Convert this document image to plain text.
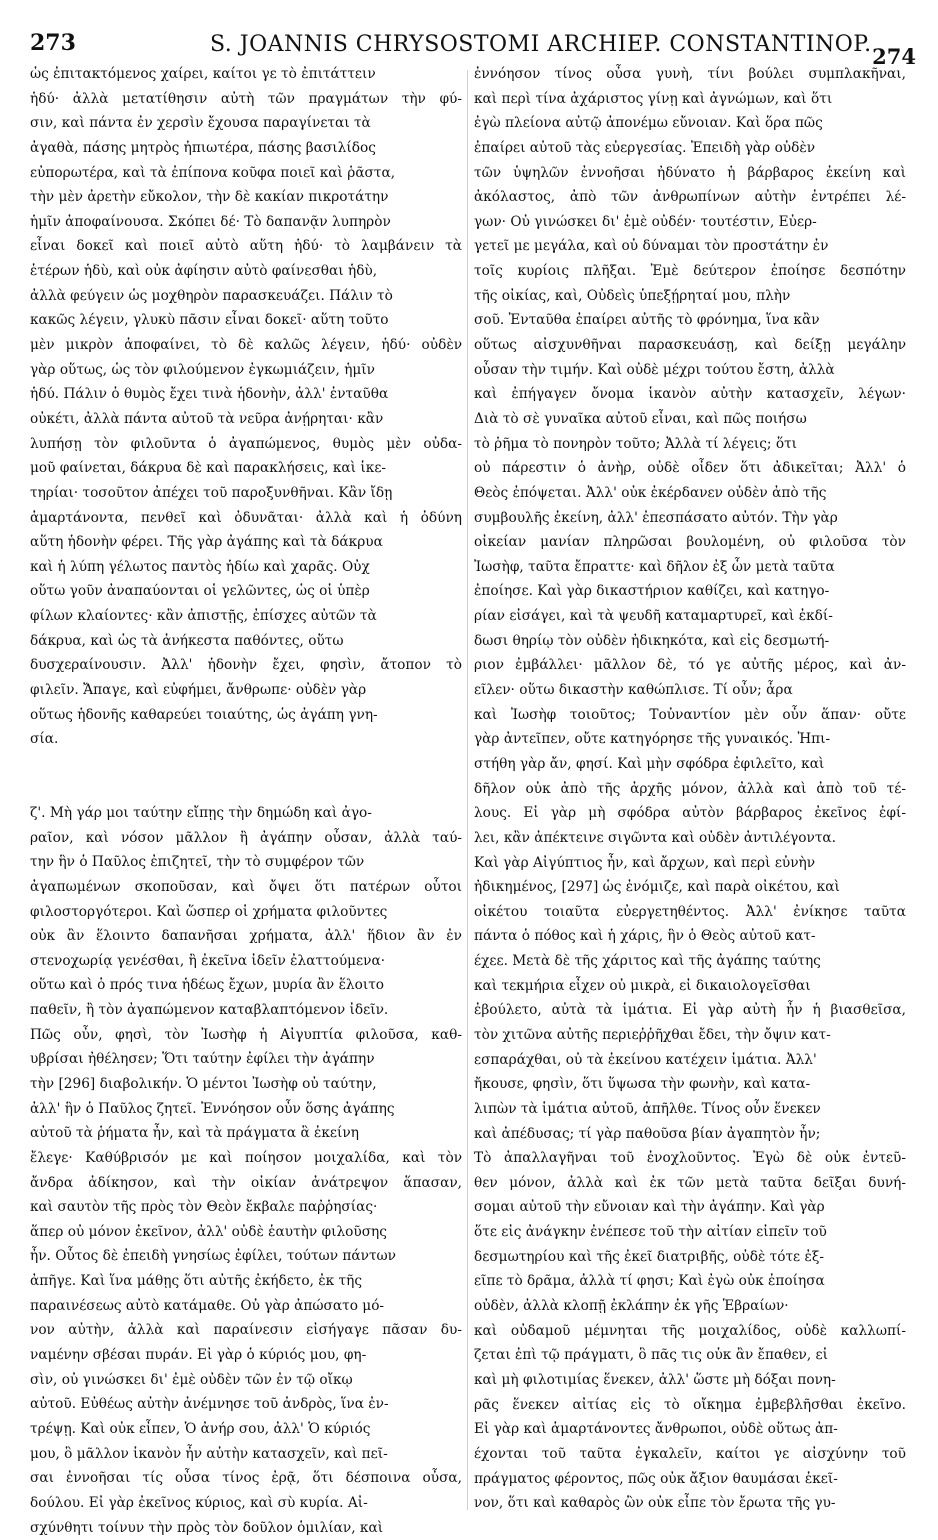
273	S. JOANNIS CHRYSOSTOMI ARCHIEP. CONSTANTINOP. 274
ὡς ἐπιτακτόμενος χαίρει, καίτοι γε τὸ ἐπιτάττειν
ἡδύ· ἀλλὰ μετατίθησιν αὐτὴ τῶν πραγμάτων τὴν φύ-
σιν, καὶ πάντα ἐν χερσὶν ἔχουσα παραγίνεται τὰ
ἀγαθὰ, πάσης μητρὸς ἠπιωτέρα, πάσης βασιλίδος
εὐπορωτέρα, καὶ τὰ ἐπίπονα κοῦφα ποιεῖ καὶ ῥᾶστα,
τὴν μὲν ἀρετὴν εὔκολον, τὴν δὲ κακίαν πικροτάτην
ἡμῖν ἀποφαίνουσα. Σκόπει δέ· Τὸ δαπανᾷν λυπηρὸν
εἶναι δοκεῖ καὶ ποιεῖ αὐτὸ αὕτη ἡδύ· τὸ λαμβάνειν τὰ
ἑτέρων ἡδὺ, καὶ οὐκ ἀφίησιν αὐτὸ φαίνεσθαι ἡδὺ,
ἀλλὰ φεύγειν ὡς μοχθηρὸν παρασκευάζει. Πάλιν τὸ
κακῶς λέγειν, γλυκὺ πᾶσιν εἶναι δοκεῖ· αὕτη τοῦτο
μὲν μικρὸν ἀποφαίνει, τὸ δὲ καλῶς λέγειν, ἡδύ· οὐδὲν
γὰρ οὕτως, ὡς τὸν φιλούμενον ἐγκωμιάζειν, ἡμῖν
ἡδύ. Πάλιν ὁ θυμὸς ἔχει τινὰ ἡδονὴν, ἀλλ' ἐνταῦθα
οὐκέτι, ἀλλὰ πάντα αὐτοῦ τὰ νεῦρα ἀνῄρηται· κἂν
λυπήσῃ τὸν φιλοῦντα ὁ ἀγαπώμενος, θυμὸς μὲν οὐδα-
μοῦ φαίνεται, δάκρυα δὲ καὶ παρακλήσεις, καὶ ἱκε-
τηρίαι· τοσοῦτον ἀπέχει τοῦ παροξυνθῆναι. Κἂν ἴδῃ
ἁμαρτάνοντα, πενθεῖ καὶ ὀδυνᾶται· ἀλλὰ καὶ ἡ ὀδύνη
αὕτη ἡδονὴν φέρει. Τῆς γὰρ ἀγάπης καὶ τὰ δάκρυα
καὶ ἡ λύπη γέλωτος παντὸς ἡδίω καὶ χαρᾶς. Οὐχ
οὕτω γοῦν ἀναπαύονται οἱ γελῶντες, ὡς οἱ ὑπὲρ
φίλων κλαίοντες· κἂν ἀπιστῇς, ἐπίσχες αὐτῶν τὰ
δάκρυα, καὶ ὡς τὰ ἀνήκεστα παθόντες, οὕτω
δυσχεραίνουσιν. Ἀλλ' ἡδονὴν ἔχει, φησὶν, ἄτοπον τὸ
φιλεῖν. Ἄπαγε, καὶ εὐφήμει, ἄνθρωπε· οὐδὲν γὰρ
οὕτως ἡδονῆς καθαρεύει τοιαύτης, ὡς ἀγάπη γνη-
σία.
ζ'. Μὴ γάρ μοι ταύτην εἴπῃς τὴν δημώδη καὶ ἀγο-
ραῖον, καὶ νόσον μᾶλλον ἢ ἀγάπην οὖσαν, ἀλλὰ ταύ-
την ἣν ὁ Παῦλος ἐπιζητεῖ, τὴν τὸ συμφέρον τῶν
ἀγαπωμένων σκοποῦσαν, καὶ ὄψει ὅτι πατέρων οὗτοι
φιλοστοργότεροι. Καὶ ὥσπερ οἱ χρήματα φιλοῦντες
οὐκ ἂν ἕλοιντο δαπανῆσαι χρήματα, ἀλλ' ἥδιον ἂν ἐν
στενοχωρίᾳ γενέσθαι, ἢ ἐκεῖνα ἰδεῖν ἐλαττούμενα·
οὕτω καὶ ὁ πρός τινα ἡδέως ἔχων, μυρία ἂν ἕλοιτο
παθεῖν, ἢ τὸν ἀγαπώμενον καταβλαπτόμενον ἰδεῖν.
Πῶς οὖν, φησὶ, τὸν Ἰωσὴφ ἡ Αἰγυπτία φιλοῦσα, καθ-
υβρίσαι ἠθέλησεν; Ὅτι ταύτην ἐφίλει τὴν ἀγάπην
τὴν [296] διαβολικήν. Ὁ μέντοι Ἰωσὴφ οὐ ταύτην,
ἀλλ' ἣν ὁ Παῦλος ζητεῖ. Ἐννόησον οὖν ὅσης ἀγάπης
αὐτοῦ τὰ ῥήματα ἦν, καὶ τὰ πράγματα ἃ ἐκείνη
ἔλεγε· Καθύβρισόν με καὶ ποίησον μοιχαλίδα, καὶ τὸν
ἄνδρα ἀδίκησον, καὶ τὴν οἰκίαν ἀνάτρεψον ἅπασαν,
καὶ σαυτὸν τῆς πρὸς τὸν Θεὸν ἔκβαλε παῤῥησίας·
ἅπερ οὐ μόνον ἐκεῖνον, ἀλλ' οὐδὲ ἑαυτὴν φιλοῦσης
ἦν. Οὗτος δὲ ἐπειδὴ γνησίως ἐφίλει, τούτων πάντων
ἀπῆγε. Καὶ ἵνα μάθῃς ὅτι αὐτῆς ἐκήδετο, ἐκ τῆς
παραινέσεως αὐτὸ κατάμαθε. Οὐ γὰρ ἀπώσατο μό-
νον αὐτὴν, ἀλλὰ καὶ παραίνεσιν εἰσήγαγε πᾶσαν δυ-
ναμένην σβέσαι πυράν. Εἰ γὰρ ὁ κύριός μου, φη-
σὶν, οὐ γινώσκει δι' ἐμὲ οὐδὲν τῶν ἐν τῷ οἴκῳ
αὐτοῦ. Εὐθέως αὐτὴν ἀνέμνησε τοῦ ἀνδρὸς, ἵνα ἐν-
τρέψῃ. Καὶ οὐκ εἶπεν, Ὁ ἀνήρ σου, ἀλλ' Ὁ κύριός
μου, ὃ μᾶλλον ἱκανὸν ἦν αὐτὴν κατασχεῖν, καὶ πεῖ-
σαι ἐννοῆσαι τίς οὖσα τίνος ἐρᾷ, ὅτι δέσποινα οὖσα,
δούλου. Εἰ γὰρ ἐκεῖνος κύριος, καὶ σὺ κυρία. Αἰ-
σχύνθητι τοίνυν τὴν πρὸς τὸν δοῦλον ὁμιλίαν, καὶ
ἐννόησον τίνος οὖσα γυνὴ, τίνι βούλει συμπλακῆναι,
καὶ περὶ τίνα ἀχάριστος γίνῃ καὶ ἀγνώμων, καὶ ὅτι
ἐγὼ πλείονα αὐτῷ ἀπονέμω εὔνοιαν. Καὶ ὅρα πῶς
ἐπαίρει αὐτοῦ τὰς εὐεργεσίας. Ἐπειδὴ γὰρ οὐδὲν
τῶν ὑψηλῶν ἐννοῆσαι ἠδύνατο ἡ βάρβαρος ἐκείνη καὶ
ἀκόλαστος, ἀπὸ τῶν ἀνθρωπίνων αὐτὴν ἐντρέπει λέ-
γων· Οὐ γινώσκει δι' ἐμὲ οὐδέν· τουτέστιν, Εὐερ-
γετεῖ με μεγάλα, καὶ οὐ δύναμαι τὸν προστάτην ἐν
τοῖς κυρίοις πλῆξαι. Ἐμὲ δεύτερον ἐποίησε δεσπότην
τῆς οἰκίας, καὶ, Οὐδεὶς ὑπεξῄρηταί μου, πλὴν
σοῦ. Ἐνταῦθα ἐπαίρει αὐτῆς τὸ φρόνημα, ἵνα κἂν
οὕτως αἰσχυνθῆναι παρασκευάσῃ, καὶ δείξῃ μεγάλην
οὖσαν τὴν τιμήν. Καὶ οὐδὲ μέχρι τούτου ἔστη, ἀλλὰ
καὶ ἐπήγαγεν ὄνομα ἱκανὸν αὐτὴν κατασχεῖν, λέγων·
Διὰ τὸ σὲ γυναῖκα αὐτοῦ εἶναι, καὶ πῶς ποιήσω
τὸ ῥῆμα τὸ πονηρὸν τοῦτο; Ἀλλὰ τί λέγεις; ὅτι
οὐ πάρεστιν ὁ ἀνὴρ, οὐδὲ οἶδεν ὅτι ἀδικεῖται; Ἀλλ' ὁ
Θεὸς ἐπόψεται. Ἀλλ' οὐκ ἐκέρδανεν οὐδὲν ἀπὸ τῆς
συμβουλῆς ἐκείνη, ἀλλ' ἐπεσπάσατο αὐτόν. Τὴν γὰρ
οἰκείαν μανίαν πληρῶσαι βουλομένη, οὐ φιλοῦσα τὸν
Ἰωσὴφ, ταῦτα ἔπραττε· καὶ δῆλον ἐξ ὧν μετὰ ταῦτα
ἐποίησε. Καὶ γὰρ δικαστήριον καθίζει, καὶ κατηγο-
ρίαν εἰσάγει, καὶ τὰ ψευδῆ καταμαρτυρεῖ, καὶ ἐκδί-
δωσι θηρίῳ τὸν οὐδὲν ἠδικηκότα, καὶ εἰς δεσμωτή-
ριον ἐμβάλλει· μᾶλλον δὲ, τό γε αὐτῆς μέρος, καὶ ἀν-
εῖλεν· οὕτω δικαστὴν καθώπλισε. Τί οὖν; ἆρα
καὶ Ἰωσὴφ τοιοῦτος; Τοὐναντίον μὲν οὖν ἅπαν· οὔτε
γὰρ ἀντεῖπεν, οὔτε κατηγόρησε τῆς γυναικός. Ἠπι-
στήθη γὰρ ἄν, φησί. Καὶ μὴν σφόδρα ἐφιλεῖτο, καὶ
δῆλον οὐκ ἀπὸ τῆς ἀρχῆς μόνον, ἀλλὰ καὶ ἀπὸ τοῦ τέ-
λους. Εἰ γὰρ μὴ σφόδρα αὐτὸν βάρβαρος ἐκεῖνος ἐφί-
λει, κἂν ἀπέκτεινε σιγῶντα καὶ οὐδὲν ἀντιλέγοντα.
Καὶ γὰρ Αἰγύπτιος ἦν, καὶ ἄρχων, καὶ περὶ εὐνὴν
ἠδικημένος, [297] ὡς ἐνόμιζε, καὶ παρὰ οἰκέτου, καὶ
οἰκέτου τοιαῦτα εὐεργετηθέντος. Ἀλλ' ἐνίκησε ταῦτα
πάντα ὁ πόθος καὶ ἡ χάρις, ἣν ὁ Θεὸς αὐτοῦ κατ-
έχεε. Μετὰ δὲ τῆς χάριτος καὶ τῆς ἀγάπης ταύτης
καὶ τεκμήρια εἶχεν οὐ μικρὰ, εἰ δικαιολογεῖσθαι
ἐβούλετο, αὐτὰ τὰ ἱμάτια. Εἰ γὰρ αὐτὴ ἦν ἡ βιασθεῖσα,
τὸν χιτῶνα αὐτῆς περιεῤῥῆχθαι ἔδει, τὴν ὄψιν κατ-
εσπαράχθαι, οὐ τὰ ἐκείνου κατέχειν ἱμάτια. Ἀλλ'
ἤκουσε, φησὶν, ὅτι ὕψωσα τὴν φωνὴν, καὶ κατα-
λιπὼν τὰ ἱμάτια αὐτοῦ, ἀπῆλθε. Τίνος οὖν ἕνεκεν
καὶ ἀπέδυσας; τί γὰρ παθοῦσα βίαν ἀγαπητὸν ἦν;
Τὸ ἀπαλλαγῆναι τοῦ ἐνοχλοῦντος. Ἐγὼ δὲ οὐκ ἐντεῦ-
θεν μόνον, ἀλλὰ καὶ ἐκ τῶν μετὰ ταῦτα δεῖξαι δυνή-
σομαι αὐτοῦ τὴν εὔνοιαν καὶ τὴν ἀγάπην. Καὶ γὰρ
ὅτε εἰς ἀνάγκην ἐνέπεσε τοῦ τὴν αἰτίαν εἰπεῖν τοῦ
δεσμωτηρίου καὶ τῆς ἐκεῖ διατριβῆς, οὐδὲ τότε ἐξ-
εῖπε τὸ δρᾶμα, ἀλλὰ τί φησι; Καὶ ἐγὼ οὐκ ἐποίησα
οὐδὲν, ἀλλὰ κλοπῇ ἐκλάπην ἐκ γῆς Ἑβραίων·
καὶ οὐδαμοῦ μέμνηται τῆς μοιχαλίδος, οὐδὲ καλλωπί-
ζεται ἐπὶ τῷ πράγματι, ὃ πᾶς τις οὐκ ἂν ἔπαθεν, εἰ
καὶ μὴ φιλοτιμίας ἕνεκεν, ἀλλ' ὥστε μὴ δόξαι πονη-
ρᾶς ἕνεκεν αἰτίας εἰς τὸ οἴκημα ἐμβεβλῆσθαι ἐκεῖνο.
Εἰ γὰρ καὶ ἁμαρτάνοντες ἄνθρωποι, οὐδὲ οὕτως ἀπ-
έχονται τοῦ ταῦτα ἐγκαλεῖν, καίτοι γε αἰσχύνην τοῦ
πράγματος φέροντος, πῶς οὐκ ἄξιον θαυμάσαι ἐκεῖ-
νον, ὅτι καὶ καθαρὸς ὢν οὐκ εἶπε τὸν ἔρωτα τῆς γυ-
